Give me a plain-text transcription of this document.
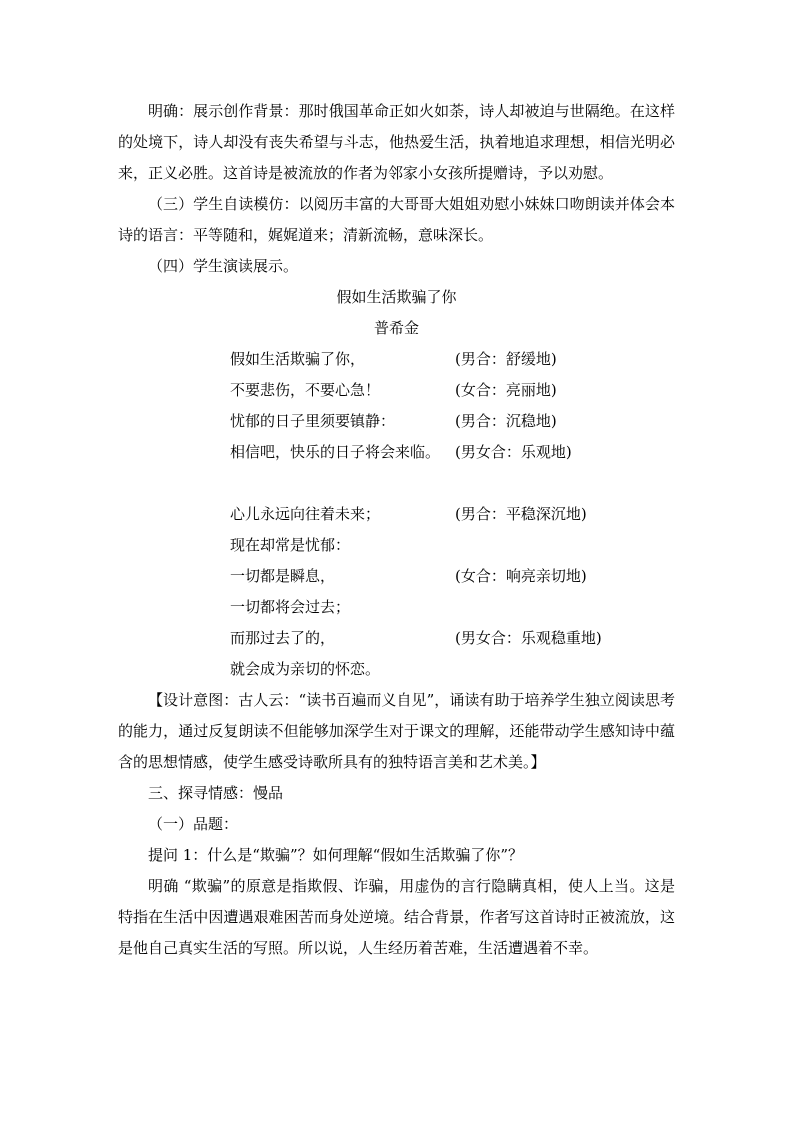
明确：展示创作背景：那时俄国革命正如火如荼，诗人却被迫与世隔绝。在这样的处境下，诗人却没有丧失希望与斗志，他热爱生活，执着地追求理想，相信光明必来，正义必胜。这首诗是被流放的作者为邻家小女孩所提赠诗，予以劝慰。

（三）学生自读模仿：以阅历丰富的大哥哥大姐姐劝慰小妹妹口吻朗读并体会本诗的语言：平等随和，娓娓道来；清新流畅，意味深长。

（四）学生演读展示。

假如生活欺骗了你

普希金

假如生活欺骗了你，	(男合：舒缓地)
不要悲伤，不要心急！	(女合：亮丽地)
忧郁的日子里须要镇静：	(男合：沉稳地)
相信吧，快乐的日子将会来临。 (男女合：乐观地)
心儿永远向往着未来；	(男合：平稳深沉地)
现在却常是忧郁：
一切都是瞬息，	(女合：响亮亲切地)
一切都将会过去；
而那过去了的，	(男女合：乐观稳重地)
就会成为亲切的怀恋。

【设计意图：古人云：“读书百遍而义自见”，诵读有助于培养学生独立阅读思考的能力，通过反复朗读不但能够加深学生对于课文的理解，还能带动学生感知诗中蕴含的思想情感，使学生感受诗歌所具有的独特语言美和艺术美。】

三、探寻情感：慢品

（一）品题：

提问 1：什么是“欺骗”？如何理解“假如生活欺骗了你”？

明确 “欺骗”的原意是指欺假、诈骗，用虚伪的言行隐瞒真相，使人上当。这是特指在生活中因遭遇艰难困苦而身处逆境。结合背景，作者写这首诗时正被流放，这是他自己真实生活的写照。所以说，人生经历着苦难，生活遭遇着不幸。
